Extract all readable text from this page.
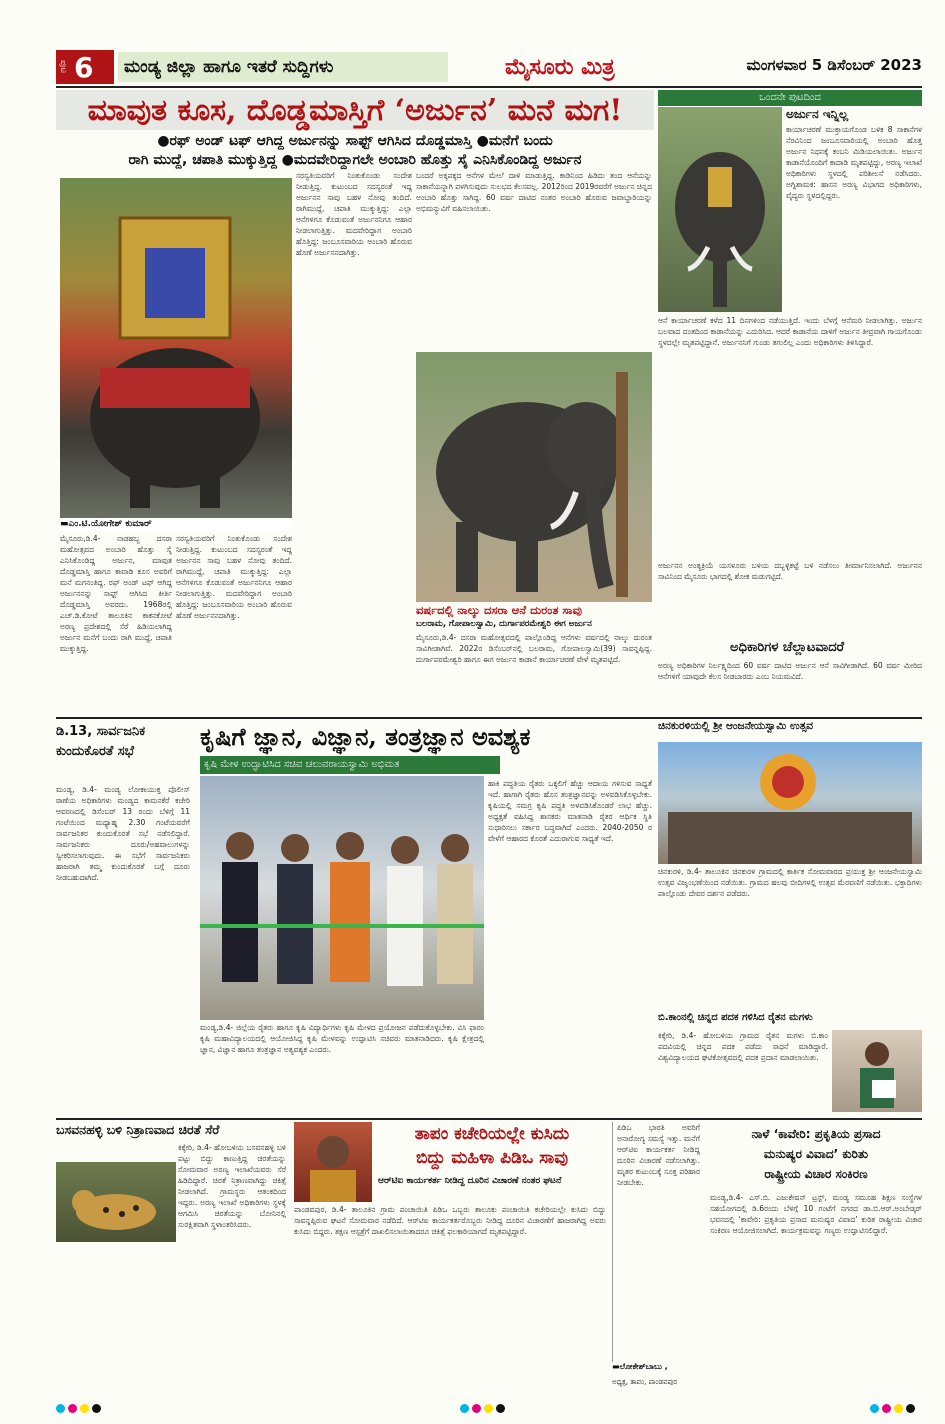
ಪುಟ 6	ಮಂಡ್ಯ ಜಿಲ್ಲಾ ಹಾಗೂ ಇತರೆ ಸುದ್ದಿಗಳು	ಮೈಸೂರು ಮಿತ್ರ	ಮಂಗಳವಾರ 5 ಡಿಸೆಂಬರ್ 2023
ಮಾವುತ ಕೂಸ, ದೊಡ್ಡಮಾಸ್ತಿಗೆ ‘ಅರ್ಜುನ’ ಮನೆ ಮಗ!
●ರಫ್ ಅಂಡ್ ಟಫ್ ಆಗಿದ್ದ ಅರ್ಜುನನ್ನು ಸಾಫ್ಟ್ ಆಗಿಸಿದ ದೊಡ್ಡಮಾಸ್ತಿ ●ಮನೆಗೆ ಬಂದು
ರಾಗಿ ಮುದ್ದೆ, ಚಪಾತಿ ಮುಕ್ಕುತ್ತಿದ್ದ ●ಮದವೇರಿದ್ದಾಗಲೇ ಅಂಬಾರಿ ಹೊತ್ತು ಸೈ ಎನಿಸಿಕೊಂಡಿದ್ದ ಅರ್ಜುನ
▬ಎಂ.ಟಿ.ಯೋಗೇಶ್ ಕುಮಾರ್
ಮೈಸೂರು,ಡಿ.4- ನಾಡಹಬ್ಬ ದಸರಾ ಮಹೋತ್ಸವದ ಅಂಬಾರಿ ಹೊತ್ತು ಸೈ ಎನಿಸಿಕೊಂಡಿದ್ದ ಅರ್ಜುನ, ಮಾವುತ ದೊಡ್ಡಮಾಸ್ತಿ ಹಾಗೂ ಕಾವಾಡಿ ಕೂಸ ಅವರಿಗೆ ಮನೆ ಮಗನಂತಿದ್ದ. ರಫ್ ಅಂಡ್ ಟಫ್ ಆಗಿದ್ದ ಅರ್ಜುನನನ್ನು ಸಾಫ್ಟ್ ಆಗಿಸಿದ ಕೀರ್ತಿ ದೊಡ್ಡಮಾಸ್ತಿ ಅವರದು. 1968ರಲ್ಲಿ ಎಚ್.ಡಿ.ಕೋಟೆ ತಾಲೂಕಿನ ಕಾಕನಕೋಟೆ ಅರಣ್ಯ ಪ್ರದೇಶದಲ್ಲಿ ಸೆರೆ ಹಿಡಿಯಲಾಗಿದ್ದ ಅರ್ಜುನ ಮನೆಗೆ ಬಂದು ರಾಗಿ ಮುದ್ದೆ, ಚಪಾತಿ ಮುಕ್ಕುತ್ತಿದ್ದ.
ಸರಸ್ವತಿಯವರಿಗೆ ನಿಂತುಕೊಂಡು ಸಂದೇಶ ನೀಡುತ್ತಿದ್ದ. ಕುಟುಂಬದ ಸದಸ್ಯರಂತೆ ಇದ್ದ ಅರ್ಜುನನ ಸಾವು ಬಹಳ ನೋವು ತಂದಿದೆ. ರಾಗಿಮುದ್ದೆ, ಚಪಾತಿ ಮುಕ್ಕುತ್ತಿದ್ದ: ಎಲ್ಲಾ ಆನೆಗಳಿಗೂ ಕೊಡುವಂತೆ ಅರ್ಜುನನಿಗೂ ಆಹಾರ ನೀಡಲಾಗುತ್ತಿತ್ತು. ಮದವೇರಿದ್ದಾಗ ಅಂಬಾರಿ ಹೊತ್ತಿದ್ದ: ಜಂಬೂಸವಾರಿಯ ಅಂಬಾರಿ ಹೊರುವ ಹೊಣೆ ಅರ್ಜುನನದಾಗಿತ್ತು.
ಸರಸ್ವತಿಯವರಿಗೆ ನಿಂತುಕೊಂಡು ಸಂದೇಶ ನೀಡುತ್ತಿದ್ದ. ಕುಟುಂಬದ ಸದಸ್ಯರಂತೆ ಇದ್ದ ಅರ್ಜುನನ ಸಾವು ಬಹಳ ನೋವು ತಂದಿದೆ. ರಾಗಿಮುದ್ದೆ, ಚಪಾತಿ ಮುಕ್ಕುತ್ತಿದ್ದ: ಎಲ್ಲಾ ಆನೆಗಳಿಗೂ ಕೊಡುವಂತೆ ಅರ್ಜುನನಿಗೂ ಆಹಾರ ನೀಡಲಾಗುತ್ತಿತ್ತು. ಮದವೇರಿದ್ದಾಗ ಅಂಬಾರಿ ಹೊತ್ತಿದ್ದ: ಜಂಬೂಸವಾರಿಯ ಅಂಬಾರಿ ಹೊರುವ ಹೊಣೆ ಅರ್ಜುನನದಾಗಿತ್ತು.
ಬಂದರೆ ಅಕ್ಕಪಕ್ಕದ ಆನೆಗಳ ಮೇಲೆ ದಾಳಿ ಮಾಡುತ್ತಿದ್ದ. ಕಾಡಿನಿಂದ ಹಿಡಿದು ತಂದ ಆನೆಯನ್ನು ಸಾಕಾನೆಯನ್ನಾಗಿ ಪಳಗಿಸುವುದು ಸುಲಭದ ಕೆಲಸವಲ್ಲ. 2012ರಿಂದ 2019ರವರೆಗೆ ಅರ್ಜುನ ಚಿನ್ನದ ಅಂಬಾರಿ ಹೊತ್ತು ಸಾಗಿದ್ದ. 60 ವರ್ಷ ದಾಟಿದ ನಂತರ ಅಂಬಾರಿ ಹೊರುವ ಜವಾಬ್ದಾರಿಯನ್ನು ಅಭಿಮನ್ಯುವಿಗೆ ವಹಿಸಲಾಯಿತು.
ವರ್ಷದಲ್ಲಿ ನಾಲ್ಕು ದಸರಾ ಆನೆ ದುರಂತ ಸಾವು
ಬಲರಾಮ, ಗೋಪಾಲಸ್ವಾಮಿ, ದುರ್ಗಾಪರಮೇಶ್ವರಿ ಈಗ ಅರ್ಜುನ
ಮೈಸೂರು,ಡಿ.4- ದಸರಾ ಮಹೋತ್ಸವದಲ್ಲಿ ಪಾಲ್ಗೊಂಡಿದ್ದ ಆನೆಗಳು ವರ್ಷದಲ್ಲಿ ನಾಲ್ಕು ದುರಂತ ಸಾವಿಗೀಡಾಗಿವೆ. 2022ರ ಡಿಸೆಂಬರ್‌ನಲ್ಲಿ ಬಲರಾಮ, ಗೋಪಾಲಸ್ವಾಮಿ(39) ಸಾವನ್ನಪ್ಪಿದ್ದ. ದುರ್ಗಾಪರಮೇಶ್ವರಿ ಹಾಗೂ ಈಗ ಅರ್ಜುನ ಕಾಡಾನೆ ಕಾರ್ಯಾಚರಣೆ ವೇಳೆ ಮೃತಪಟ್ಟಿದೆ.
ಒಂದನೇ ಪುಟದಿಂದ
ಅರ್ಜುನ ಇನ್ನಿಲ್ಲ
ಕಾರ್ಯಾಚರಣೆ ಮುಕ್ತಾಯಗೊಂಡ ಬಳಿಕ 8 ಸಾಕಾನೆಗಳ ನೆರವಿನಿಂದ ಜಂಬೂಸವಾರಿಯಲ್ಲಿ ಅಂಬಾರಿ ಹೊತ್ತ ಅರ್ಜುನ ನಿಧನಕ್ಕೆ ಕಂಬನಿ ಮಿಡಿಯಲಾಯಿತು. ಅರ್ಜುನ ಕಾಡಾನೆಯೊಂದಿಗೆ ಕಾದಾಡಿ ಮೃತಪಟ್ಟಿದ್ದು, ಅರಣ್ಯ ಇಲಾಖೆ ಅಧಿಕಾರಿಗಳು ಸ್ಥಳದಲ್ಲಿ ಪರಿಶೀಲನೆ ನಡೆಸಿದರು. ಅಗ್ನಿಶಾಮಕ: ಹಾಸನ ಅರಣ್ಯ ವಿಭಾಗದ ಅಧಿಕಾರಿಗಳು, ವೈದ್ಯರು ಸ್ಥಳದಲ್ಲಿದ್ದರು.
ಆನೆ ಕಾರ್ಯಾಚರಣೆ ಕಳೆದ 11 ದಿನಗಳಿಂದ ನಡೆಯುತ್ತಿದೆ. ಇಂದು ಬೆಳಗ್ಗೆ ಆನೆಮರಿ ನೀಡಲಾಗಿತ್ತು. ಅರ್ಜುನ ಬಲವಾದ ದಂತದಿಂದ ಕಾಡಾನೆಯನ್ನು ಎದುರಿಸಿದ. ಆದರೆ ಕಾಡಾನೆಯ ದಾಳಿಗೆ ಅರ್ಜುನ ತೀವ್ರವಾಗಿ ಗಾಯಗೊಂಡು ಸ್ಥಳದಲ್ಲೇ ಮೃತಪಟ್ಟಿದ್ದಾನೆ. ಅರ್ಜುನನಿಗೆ ಗುಂಡು ತಗುಲಿಲ್ಲ ಎಂದು ಅಧಿಕಾರಿಗಳು ತಿಳಿಸಿದ್ದಾರೆ.
ಅರ್ಜುನನ ಅಂತ್ಯಕ್ರಿಯೆ ಯಸಳೂರು ಬಳಿಯ ದಬ್ಬಳ್ಳಿಕಟ್ಟೆ ಬಳಿ ನಡೆಸಲು ತೀರ್ಮಾನಿಸಲಾಗಿದೆ. ಅರ್ಜುನನ ಸಾವಿನಿಂದ ಮೈಸೂರು ಭಾಗದಲ್ಲಿ ಶೋಕ ಮಡುಗಟ್ಟಿದೆ.
ಅಧಿಕಾರಿಗಳ ಚೆಲ್ಲಾಟವಾದರೆ
ಅರಣ್ಯ ಅಧಿಕಾರಿಗಳ ನಿರ್ಲಕ್ಷ್ಯದಿಂದ 60 ವರ್ಷ ದಾಟಿದ ಅರ್ಜುನ ಆನೆ ಸಾವಿಗೀಡಾಗಿದೆ. 60 ವರ್ಷ ಮೀರಿದ ಆನೆಗಳಿಗೆ ಯಾವುದೇ ಕೆಲಸ ನೀಡಬಾರದು ಎಂಬ ನಿಯಮವಿದೆ.
ಡಿ.13, ಸಾರ್ವಜನಿಕ ಕುಂದುಕೊರತೆ ಸಭೆ
ಮಂಡ್ಯ, ಡಿ.4- ಮಂಡ್ಯ ಲೋಕಾಯುಕ್ತ ಪೊಲೀಸ್ ಠಾಣೆಯ ಅಧಿಕಾರಿಗಳು ಮಂಡ್ಯದ ಕಾಮನಕೆರೆ ಕಚೇರಿ ಆವರಣದಲ್ಲಿ ಡಿಸೆಂಬರ್ 13 ರಂದು ಬೆಳಿಗ್ಗೆ 11 ಗಂಟೆಯಿಂದ ಮಧ್ಯಾಹ್ನ 2.30 ಗಂಟೆಯವರೆಗೆ ಸಾರ್ವಜನಿಕರ ಕುಂದುಕೊರತೆ ಸಭೆ ನಡೆಸಲಿದ್ದಾರೆ. ಸಾರ್ವಜನಿಕರು ದೂರು/ಅಹವಾಲುಗಳನ್ನು ಸ್ವೀಕರಿಸಲಾಗುವುದು. ಈ ಸಭೆಗೆ ಸಾರ್ವಜನಿಕರು ಹಾಜರಾಗಿ ತಮ್ಮ ಕುಂದುಕೊರತೆ ಬಗ್ಗೆ ದೂರು ನೀಡಬಹುದಾಗಿದೆ.
ಕೃಷಿಗೆ ಜ್ಞಾನ, ವಿಜ್ಞಾನ, ತಂತ್ರಜ್ಞಾನ ಅವಶ್ಯಕ
ಕೃಷಿ ಮೇಳ ಉದ್ಘಾಟಿಸಿದ ಸಚಿವ ಚಲುವರಾಯಸ್ವಾಮಿ ಅಭಿಮತ
ಹಾಕಿ ಪದ್ಧತಿಯ ರೈತರು ಒಕ್ಕಲಿಗೆ ಹೆಚ್ಚು ಆದಾಯ ಗಳಿಸುವ ಸಾಧ್ಯತೆ ಇದೆ. ಹಾಗಾಗಿ ರೈತರು ಹೊಸ ತಂತ್ರಜ್ಞಾನವನ್ನು ಅಳವಡಿಸಿಕೊಳ್ಳಬೇಕು. ಕೃಷಿಯಲ್ಲಿ ಸಮಗ್ರ ಕೃಷಿ ಪದ್ಧತಿ ಅಳವಡಿಸಿಕೊಂಡರೆ ಲಾಭ ಹೆಚ್ಚು. ಅಧ್ಯಕ್ಷತೆ ವಹಿಸಿದ್ದ ಶಾಸಕರು ಮಾತನಾಡಿ ರೈತರ ಆರ್ಥಿಕ ಸ್ಥಿತಿ ಸುಧಾರಿಸಲು ಸರ್ಕಾರ ಬದ್ಧವಾಗಿದೆ ಎಂದರು. 2040-2050 ರ ವೇಳೆಗೆ ಆಹಾರದ ಕೊರತೆ ಎದುರಾಗುವ ಸಾಧ್ಯತೆ ಇದೆ.
ಮಂಡ್ಯ,ಡಿ.4- ಜಿಲ್ಲೆಯ ರೈತರು ಹಾಗೂ ಕೃಷಿ ವಿದ್ಯಾರ್ಥಿಗಳು ಕೃಷಿ ಮೇಳದ ಪ್ರಯೋಜನ ಪಡೆದುಕೊಳ್ಳಬೇಕು. ವಿಸಿ ಫಾರಂ ಕೃಷಿ ಮಹಾವಿದ್ಯಾಲಯದಲ್ಲಿ ಆಯೋಜಿಸಿದ್ದ ಕೃಷಿ ಮೇಳವನ್ನು ಉದ್ಘಾಟಿಸಿ ಸಚಿವರು ಮಾತನಾಡಿದರು. ಕೃಷಿ ಕ್ಷೇತ್ರದಲ್ಲಿ ಜ್ಞಾನ, ವಿಜ್ಞಾನ ಹಾಗೂ ತಂತ್ರಜ್ಞಾನ ಅತ್ಯವಶ್ಯಕ ಎಂದರು.
ಚಿನಕುರಳಿಯಲ್ಲಿ ಶ್ರೀ ಆಂಜನೇಯಸ್ವಾಮಿ ಉತ್ಸವ
ಚಿನಕುರಳಿ, ಡಿ.4- ತಾಲೂಕಿನ ಚಿನಕುರಳಿ ಗ್ರಾಮದಲ್ಲಿ ಕಾರ್ತಿಕ ಸೋಮವಾರದ ಪ್ರಯುಕ್ತ ಶ್ರೀ ಆಂಜನೇಯಸ್ವಾಮಿ ಉತ್ಸವ ವಿಜೃಂಭಣೆಯಿಂದ ನಡೆಯಿತು. ಗ್ರಾಮದ ಹಲವು ಬೀದಿಗಳಲ್ಲಿ ಉತ್ಸವ ಮೆರವಣಿಗೆ ನಡೆಯಿತು. ಭಕ್ತಾದಿಗಳು ಪಾಲ್ಗೊಂಡು ದೇವರ ದರ್ಶನ ಪಡೆದರು.
ಬಿ.ಕಾಂನಲ್ಲಿ ಚಿನ್ನದ ಪದಕ ಗಳಿಸಿದ ರೈತನ ಮಗಳು
ಕಿಕ್ಕೇರಿ, ಡಿ.4- ಹೋಬಳಿಯ ಗ್ರಾಮದ ರೈತನ ಮಗಳು ಬಿ.ಕಾಂ ಪದವಿಯಲ್ಲಿ ಚಿನ್ನದ ಪದಕ ಪಡೆದು ಸಾಧನೆ ಮಾಡಿದ್ದಾರೆ. ವಿಶ್ವವಿದ್ಯಾಲಯದ ಘಟಿಕೋತ್ಸವದಲ್ಲಿ ಪದಕ ಪ್ರದಾನ ಮಾಡಲಾಯಿತು.
ಬಸವನಹಳ್ಳಿ ಬಳಿ ನಿತ್ರಾಣವಾದ ಚಿರತೆ ಸೆರೆ
ಕಿಕ್ಕೇರಿ, ಡಿ.4- ಹೋಬಳಿಯ ಬಸವನಹಳ್ಳಿ ಬಳಿ ಪಟ್ಟು ಬಿದ್ದು ಕಾಣುತ್ತಿದ್ದ ಚಿರತೆಯನ್ನು ಸೋಮವಾರ ಅರಣ್ಯ ಇಲಾಖೆಯವರು ಸೆರೆ ಹಿಡಿದಿದ್ದಾರೆ. ಚಿರತೆ ನಿತ್ರಾಣವಾಗಿದ್ದು ಚಿಕಿತ್ಸೆ ನೀಡಲಾಗಿದೆ. ಗ್ರಾಮಸ್ಥರು ಆತಂಕದಿಂದ ಇದ್ದರು. ಅರಣ್ಯ ಇಲಾಖೆ ಅಧಿಕಾರಿಗಳು ಸ್ಥಳಕ್ಕೆ ಆಗಮಿಸಿ ಚಿರತೆಯನ್ನು ಬೋನಿನಲ್ಲಿ ಸುರಕ್ಷಿತವಾಗಿ ಸ್ಥಳಾಂತರಿಸಿದರು.
ತಾಪಂ ಕಚೇರಿಯಲ್ಲೇ ಕುಸಿದು
ಬಿದ್ದು ಮಹಿಳಾ ಪಿಡಿಒ ಸಾವು
ಆರ್‌ಟಿಐ ಕಾರ್ಯಕರ್ತ ನೀಡಿದ್ದ ದೂರಿನ ವಿಚಾರಣೆ ನಂತರ ಘಟನೆ
ಪಾಂಡವಪುರ, ಡಿ.4- ತಾಲೂಕಿನ ಗ್ರಾಮ ಪಂಚಾಯಿತಿ ಪಿಡಿಒ ಒಬ್ಬರು ತಾಲೂಕು ಪಂಚಾಯಿತಿ ಕಚೇರಿಯಲ್ಲೇ ಕುಸಿದು ಬಿದ್ದು ಸಾವನ್ನಪ್ಪಿರುವ ಘಟನೆ ಸೋಮವಾರ ನಡೆದಿದೆ. ಆರ್‌ಟಿಐ ಕಾರ್ಯಕರ್ತರೊಬ್ಬರು ನೀಡಿದ್ದ ದೂರಿನ ವಿಚಾರಣೆಗೆ ಹಾಜರಾಗಿದ್ದ ಅವರು ಕುಸಿದು ಬಿದ್ದರು. ತಕ್ಷಣ ಆಸ್ಪತ್ರೆಗೆ ದಾಖಲಿಸಲಾಯಿತಾದರೂ ಚಿಕಿತ್ಸೆ ಫಲಕಾರಿಯಾಗದೆ ಮೃತಪಟ್ಟಿದ್ದಾರೆ.
ಪಿಡಿಒ ಭಾರತಿ ಅವರಿಗೆ ಅನಾರೋಗ್ಯ ಸಮಸ್ಯೆ ಇತ್ತು. ಮನೆಗೆ ಆರ್‌ಟಿಐ ಕಾರ್ಯಕರ್ತ ನೀಡಿದ್ದ ದೂರಿನ ವಿಚಾರಣೆ ನಡೆಸಲಾಗಿತ್ತು. ಮೃತರ ಕುಟುಂಬಕ್ಕೆ ಸೂಕ್ತ ಪರಿಹಾರ ನೀಡಬೇಕು.
▬ಲೋಕೇಶ್‌ಬಾಬು ,
ಅಧ್ಯಕ್ಷ, ತಾಪಂ, ಪಾಂಡವಪುರ
ನಾಳೆ ‘ಕಾವೇರಿ: ಪ್ರಕೃತಿಯ ಪ್ರಸಾದ
ಮನುಷ್ಯರ ವಿವಾದ’ ಕುರಿತು
ರಾಷ್ಟ್ರೀಯ ವಿಚಾರ ಸಂಕಿರಣ
ಮಂಡ್ಯ,ಡಿ.4- ಎಸ್.ಬಿ. ಎಜುಕೇಷನ್ ಟ್ರಸ್ಟ್, ಮಂಡ್ಯ ಸಮೂಹ ಶಿಕ್ಷಣ ಸಂಸ್ಥೆಗಳ ಸಹಯೋಗದಲ್ಲಿ ಡಿ.6ರಂದು ಬೆಳಿಗ್ಗೆ 10 ಗಂಟೆಗೆ ನಗರದ ಡಾ.ಬಿ.ಆರ್.ಅಂಬೇಡ್ಕರ್ ಭವನದಲ್ಲಿ ‘ಕಾವೇರಿ: ಪ್ರಕೃತಿಯ ಪ್ರಸಾದ ಮನುಷ್ಯರ ವಿವಾದ’ ಕುರಿತ ರಾಷ್ಟ್ರೀಯ ವಿಚಾರ ಸಂಕಿರಣ ಆಯೋಜಿಸಲಾಗಿದೆ. ಕಾರ್ಯಕ್ರಮವನ್ನು ಗಣ್ಯರು ಉದ್ಘಾಟಿಸಲಿದ್ದಾರೆ.
